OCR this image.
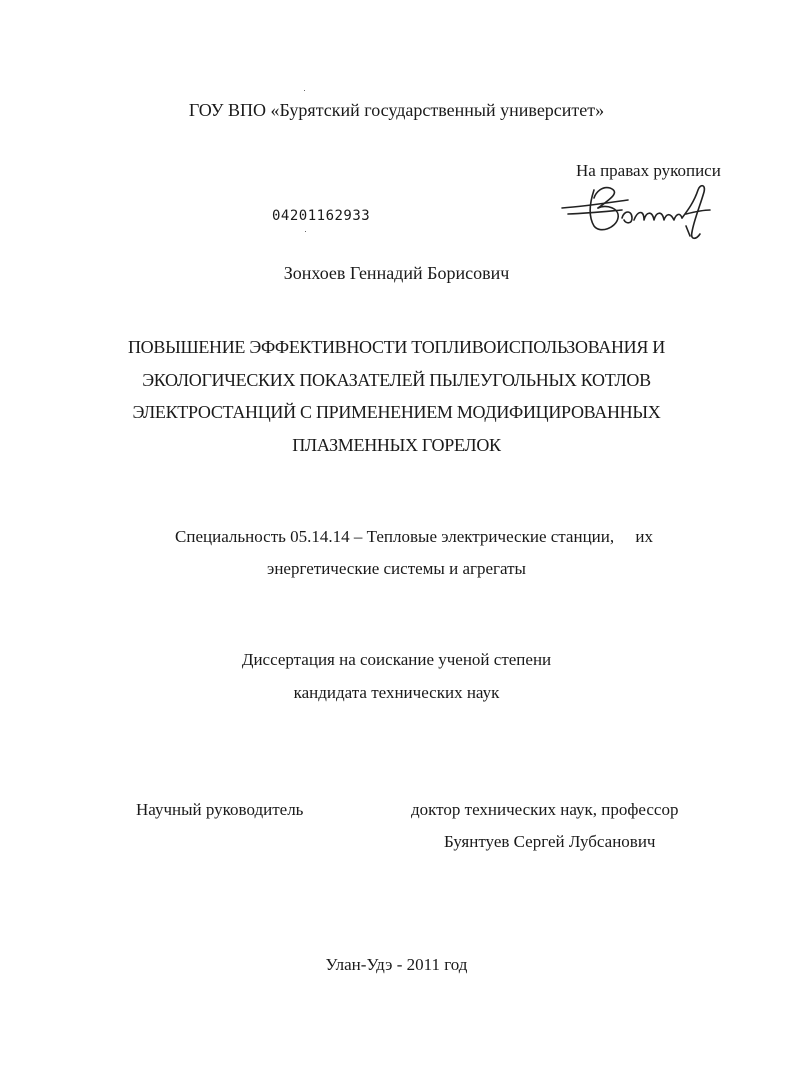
ГОУ ВПО «Бурятский государственный университет»
На правах рукописи
04201162933
Зонхоев Геннадий Борисович
ПОВЫШЕНИЕ ЭФФЕКТИВНОСТИ ТОПЛИВОИСПОЛЬЗОВАНИЯ И
ЭКОЛОГИЧЕСКИХ ПОКАЗАТЕЛЕЙ ПЫЛЕУГОЛЬНЫХ КОТЛОВ
ЭЛЕКТРОСТАНЦИЙ С ПРИМЕНЕНИЕМ МОДИФИЦИРОВАННЫХ
ПЛАЗМЕННЫХ ГОРЕЛОК
Специальность 05.14.14 – Тепловые электрические станции,     их
энергетические системы и агрегаты
Диссертация на соискание ученой степени
кандидата технических наук
Научный руководитель	доктор технических наук, профессор
Буянтуев Сергей Лубсанович
Улан-Удэ - 2011 год
